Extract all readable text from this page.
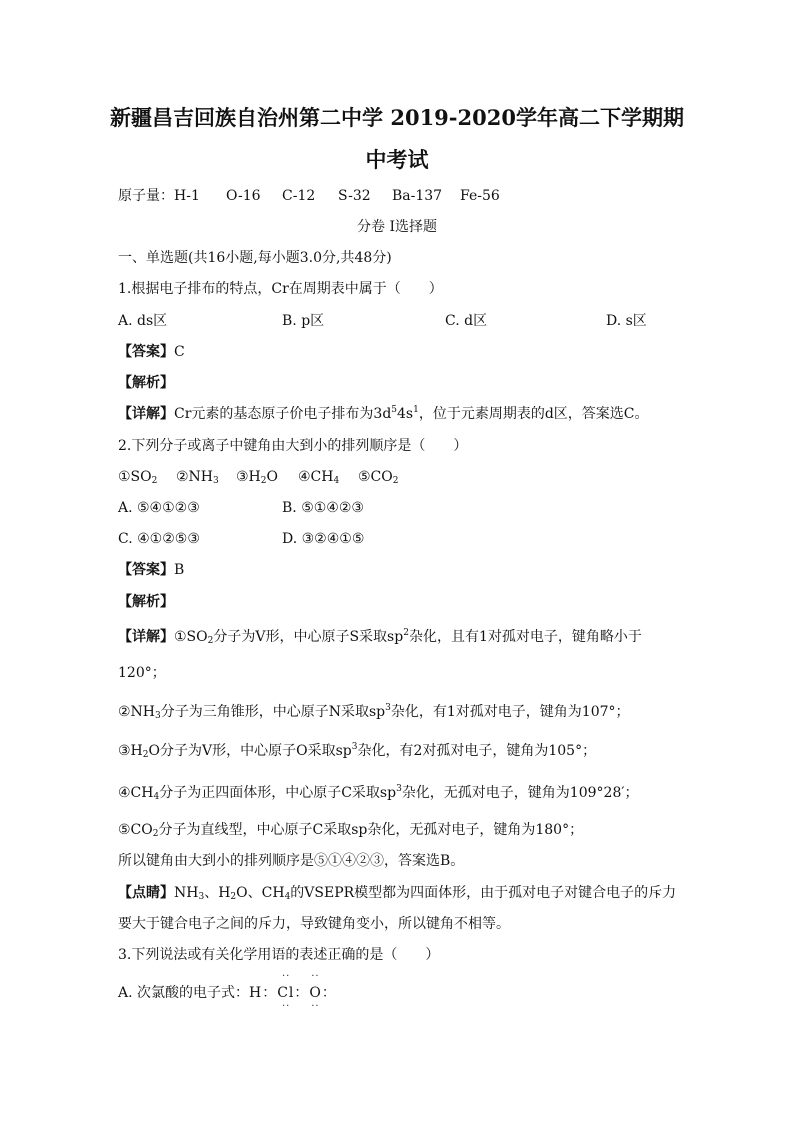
新疆昌吉回族自治州第二中学 2019-2020学年高二下学期期
中考试
原子量：H-1 O-16 C-12 S-32 Ba-137 Fe-56
分卷 I选择题
一、单选题(共16小题,每小题3.0分,共48分)
1.根据电子排布的特点，Cr在周期表中属于（　　）
A. ds区	B. p区	C. d区	D. s区
【答案】C
【解析】
【详解】Cr元素的基态原子价电子排布为$3d^54s^1$，位于元素周期表的d区，答案选C。
2.下列分子或离子中键角由大到小的排列顺序是（　　）
$①SO_2$ $②NH_3$ $③H_2O$ $④CH_4$ $⑤CO_2$
A. ⑤④①②③	B. ⑤①④②③
C. ④①②⑤③	D. ③②④①⑤
【答案】B
【解析】
【详解】$①SO_2$分子为V形，中心原子S采取$sp^2$杂化，且有1对孤对电子，键角略小于
120°；
$②NH_3$分子为三角锥形，中心原子N采取$sp^3$杂化，有1对孤对电子，键角为107°；
$③H_2O$分子为V形，中心原子O采取$sp^3$杂化，有2对孤对电子，键角为105°；
$④CH_4$分子为正四面体形，中心原子C采取$sp^3$杂化，无孤对电子，键角为109°28′；
$⑤CO_2$分子为直线型，中心原子C采取sp杂化，无孤对电子，键角为180°；
所以键角由大到小的排列顺序是⑤①④②③，答案选B。
【点睛】$NH_3$、$H_2O$、$CH_4$的VSEPR模型都为四面体形，由于孤对电子对键合电子的斥力
要大于键合电子之间的斥力，导致键角变小，所以键角不相等。
3.下列说法或有关化学用语的表述正确的是（　　）
A. 次氯酸的电子式：H：Cl：O：
··     ··
··     ··
